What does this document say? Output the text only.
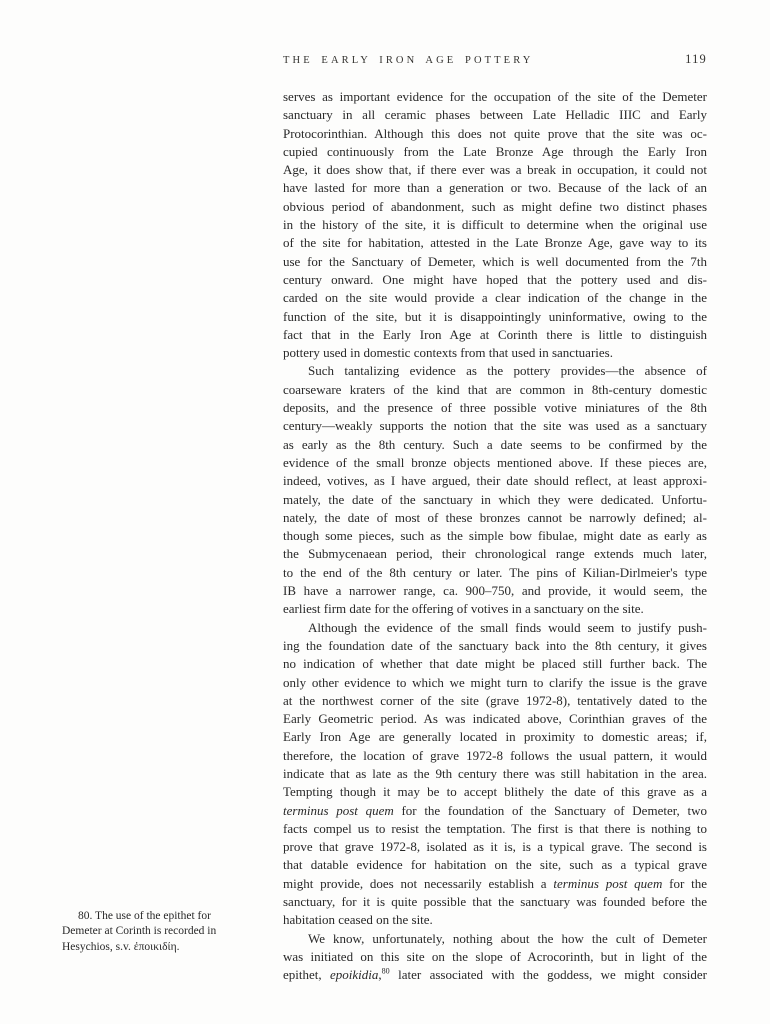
THE EARLY IRON AGE POTTERY	119
serves as important evidence for the occupation of the site of the Demeter
sanctuary in all ceramic phases between Late Helladic IIIC and Early
Protocorinthian. Although this does not quite prove that the site was oc-
cupied continuously from the Late Bronze Age through the Early Iron
Age, it does show that, if there ever was a break in occupation, it could not
have lasted for more than a generation or two. Because of the lack of an
obvious period of abandonment, such as might define two distinct phases
in the history of the site, it is difficult to determine when the original use
of the site for habitation, attested in the Late Bronze Age, gave way to its
use for the Sanctuary of Demeter, which is well documented from the 7th
century onward. One might have hoped that the pottery used and dis-
carded on the site would provide a clear indication of the change in the
function of the site, but it is disappointingly uninformative, owing to the
fact that in the Early Iron Age at Corinth there is little to distinguish
pottery used in domestic contexts from that used in sanctuaries.
Such tantalizing evidence as the pottery provides—the absence of
coarseware kraters of the kind that are common in 8th-century domestic
deposits, and the presence of three possible votive miniatures of the 8th
century—weakly supports the notion that the site was used as a sanctuary
as early as the 8th century. Such a date seems to be confirmed by the
evidence of the small bronze objects mentioned above. If these pieces are,
indeed, votives, as I have argued, their date should reflect, at least approxi-
mately, the date of the sanctuary in which they were dedicated. Unfortu-
nately, the date of most of these bronzes cannot be narrowly defined; al-
though some pieces, such as the simple bow fibulae, might date as early as
the Submycenaean period, their chronological range extends much later,
to the end of the 8th century or later. The pins of Kilian-Dirlmeier's type
IB have a narrower range, ca. 900–750, and provide, it would seem, the
earliest firm date for the offering of votives in a sanctuary on the site.
Although the evidence of the small finds would seem to justify push-
ing the foundation date of the sanctuary back into the 8th century, it gives
no indication of whether that date might be placed still further back. The
only other evidence to which we might turn to clarify the issue is the grave
at the northwest corner of the site (grave 1972-8), tentatively dated to the
Early Geometric period. As was indicated above, Corinthian graves of the
Early Iron Age are generally located in proximity to domestic areas; if,
therefore, the location of grave 1972-8 follows the usual pattern, it would
indicate that as late as the 9th century there was still habitation in the area.
Tempting though it may be to accept blithely the date of this grave as a
terminus post quem for the foundation of the Sanctuary of Demeter, two
facts compel us to resist the temptation. The first is that there is nothing to
prove that grave 1972-8, isolated as it is, is a typical grave. The second is
that datable evidence for habitation on the site, such as a typical grave
might provide, does not necessarily establish a terminus post quem for the
sanctuary, for it is quite possible that the sanctuary was founded before the
habitation ceased on the site.
We know, unfortunately, nothing about the how the cult of Demeter
was initiated on this site on the slope of Acrocorinth, but in light of the
epithet, epoikidia,$^{80}$ later associated with the goddess, we might consider
80. The use of the epithet for
Demeter at Corinth is recorded in
Hesychios, s.v. ἐποικιδίη.
